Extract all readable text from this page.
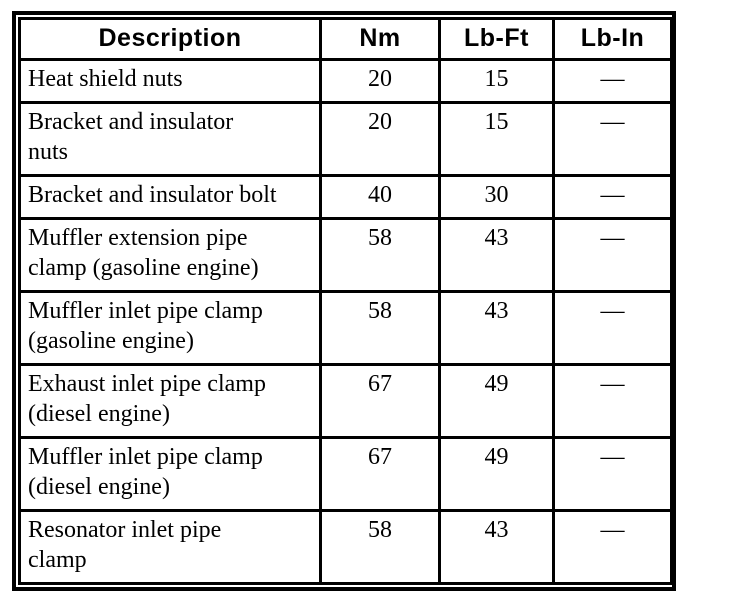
Description	Nm	Lb-Ft	Lb-In

Heat shield nuts	20	15	—

Bracket and insulator
nuts	20	15	—

Bracket and insulator bolt	40	30	—

Muffler extension pipe
clamp (gasoline engine)	58	43	—

Muffler inlet pipe clamp
(gasoline engine)	58	43	—

Exhaust inlet pipe clamp
(diesel engine)	67	49	—

Muffler inlet pipe clamp
(diesel engine)	67	49	—

Resonator inlet pipe
clamp	58	43	—
